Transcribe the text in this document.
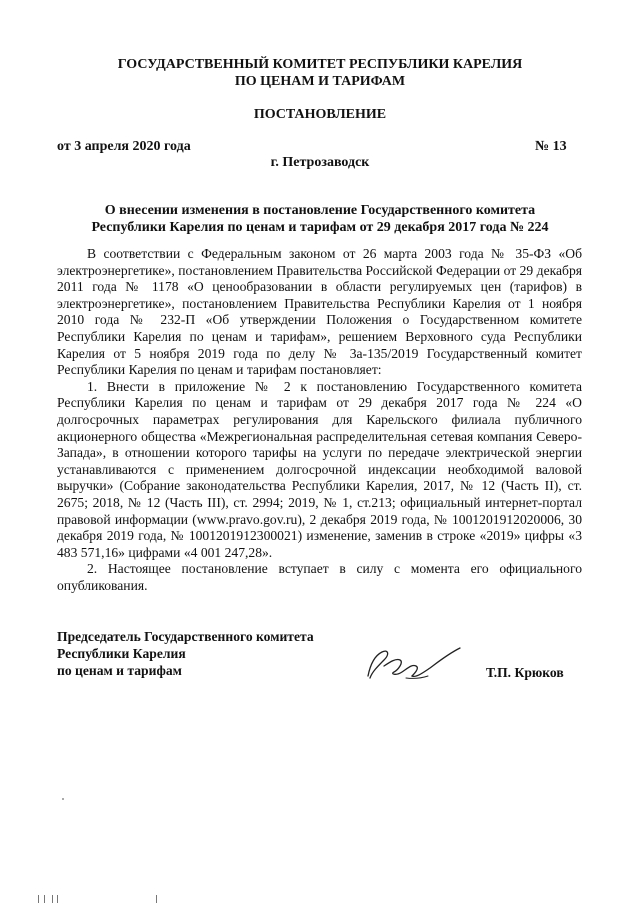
ГОСУДАРСТВЕННЫЙ КОМИТЕТ РЕСПУБЛИКИ КАРЕЛИЯ
ПО ЦЕНАМ И ТАРИФАМ
ПОСТАНОВЛЕНИЕ
от 3 апреля 2020 года	№ 13
г. Петрозаводск
О внесении изменения в постановление Государственного комитета
Республики Карелия по ценам и тарифам от 29 декабря 2017 года № 224

В соответствии с Федеральным законом от 26 марта 2003 года № 35-ФЗ «Об электроэнергетике», постановлением Правительства Российской Федерации от 29 декабря 2011 года № 1178 «О ценообразовании в области регулируемых цен (тарифов) в электроэнергетике», постановлением Правительства Республики Карелия от 1 ноября 2010 года № 232-П «Об утверждении Положения о Государственном комитете Республики Карелия по ценам и тарифам», решением Верховного суда Республики Карелия от 5 ноября 2019 года по делу № 3а-135/2019 Государственный комитет Республики Карелия по ценам и тарифам постановляет:

1. Внести в приложение № 2 к постановлению Государственного комитета Республики Карелия по ценам и тарифам от 29 декабря 2017 года № 224 «О долгосрочных параметрах регулирования для Карельского филиала публичного акционерного общества «Межрегиональная распределительная сетевая компания Северо-Запада», в отношении которого тарифы на услуги по передаче электрической энергии устанавливаются с применением долгосрочной индексации необходимой валовой выручки» (Собрание законодательства Республики Карелия, 2017, № 12 (Часть II), ст. 2675; 2018, № 12 (Часть III), ст. 2994; 2019, № 1, ст.213; официальный интернет-портал правовой информации (www.pravo.gov.ru), 2 декабря 2019 года, № 1001201912020006, 30 декабря 2019 года, № 1001201912300021) изменение, заменив в строке «2019» цифры «3 483 571,16» цифрами «4 001 247,28».

2. Настоящее постановление вступает в силу с момента его официального опубликования.

Председатель Государственного комитета
Республики Карелия
по ценам и тарифам	Т.П. Крюков
